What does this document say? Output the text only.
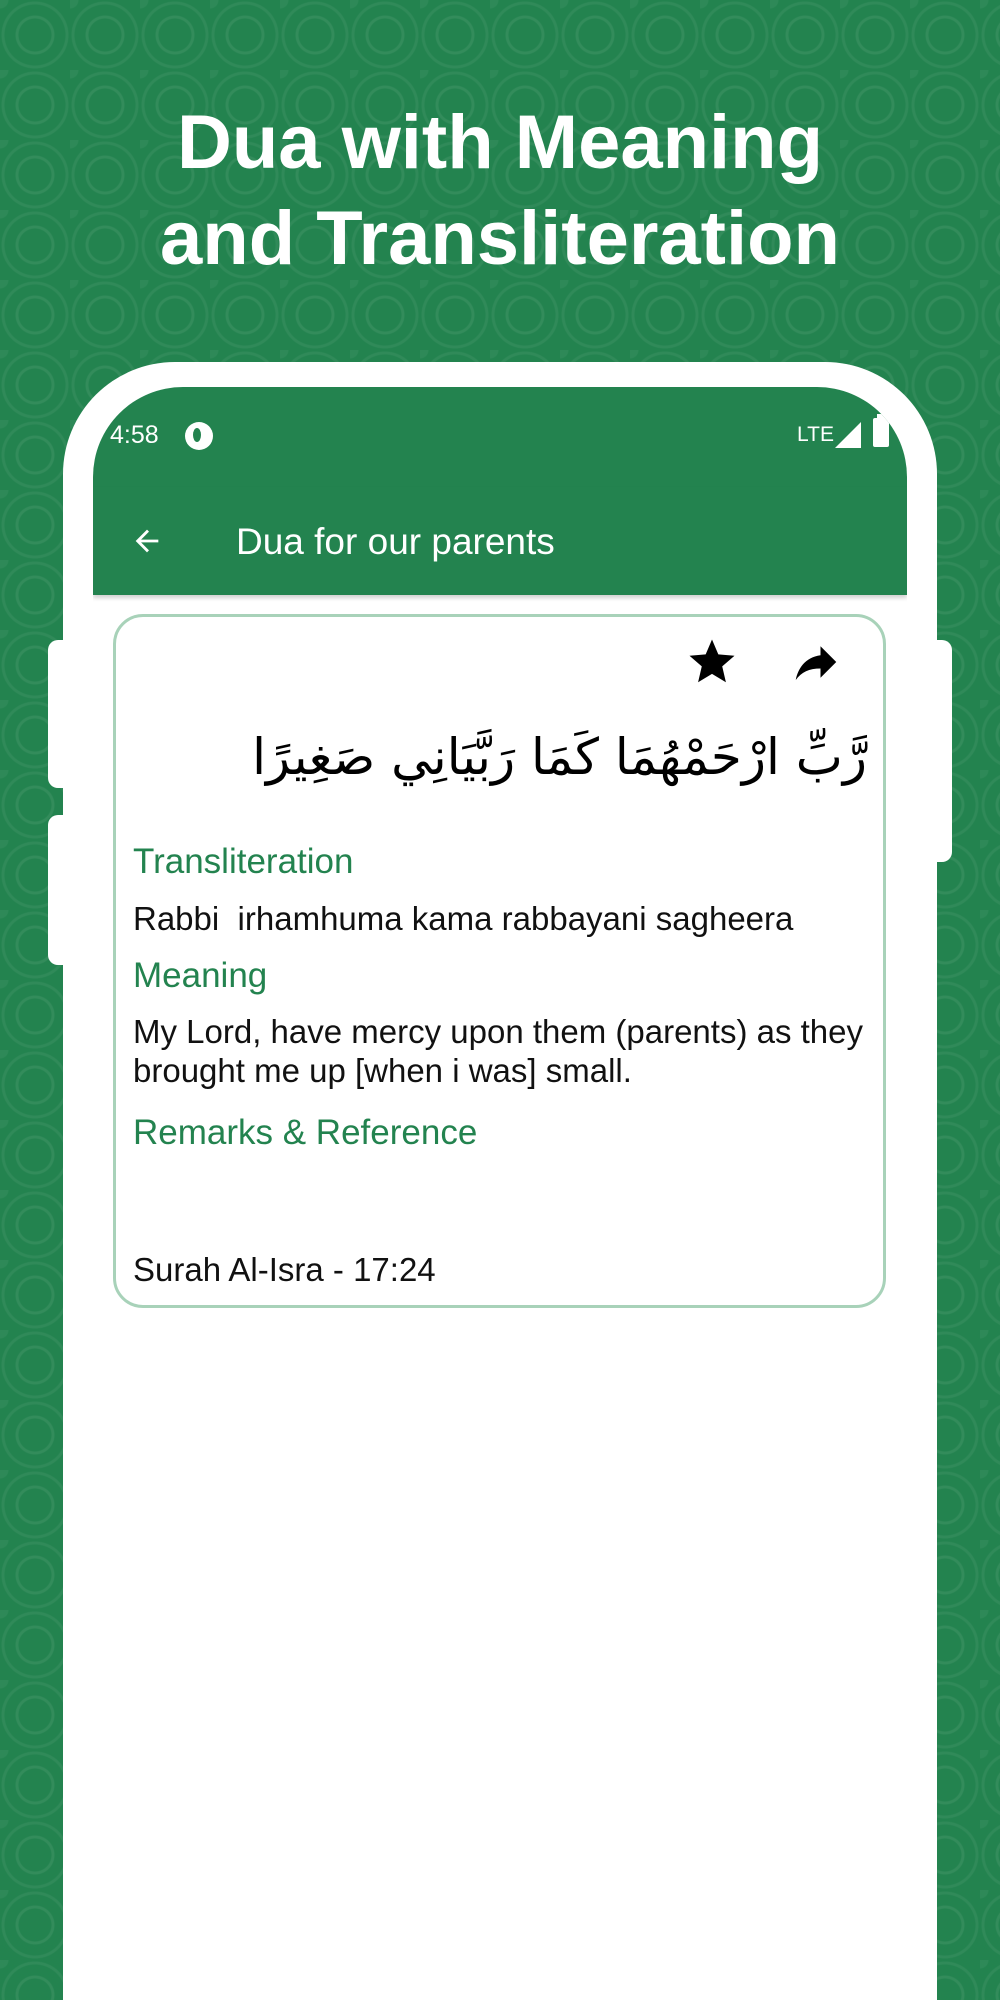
Dua with Meaning
and Transliteration
4:58	LTE
Dua for our parents
رَّبِّ ارْحَمْهُمَا كَمَا رَبَّيَانِي صَغِيرًا
Transliteration
Rabbi  irhamhuma kama rabbayani sagheera
Meaning
My Lord, have mercy upon them (parents) as they brought me up [when i was] small.
Remarks & Reference
Surah Al-Isra - 17:24
